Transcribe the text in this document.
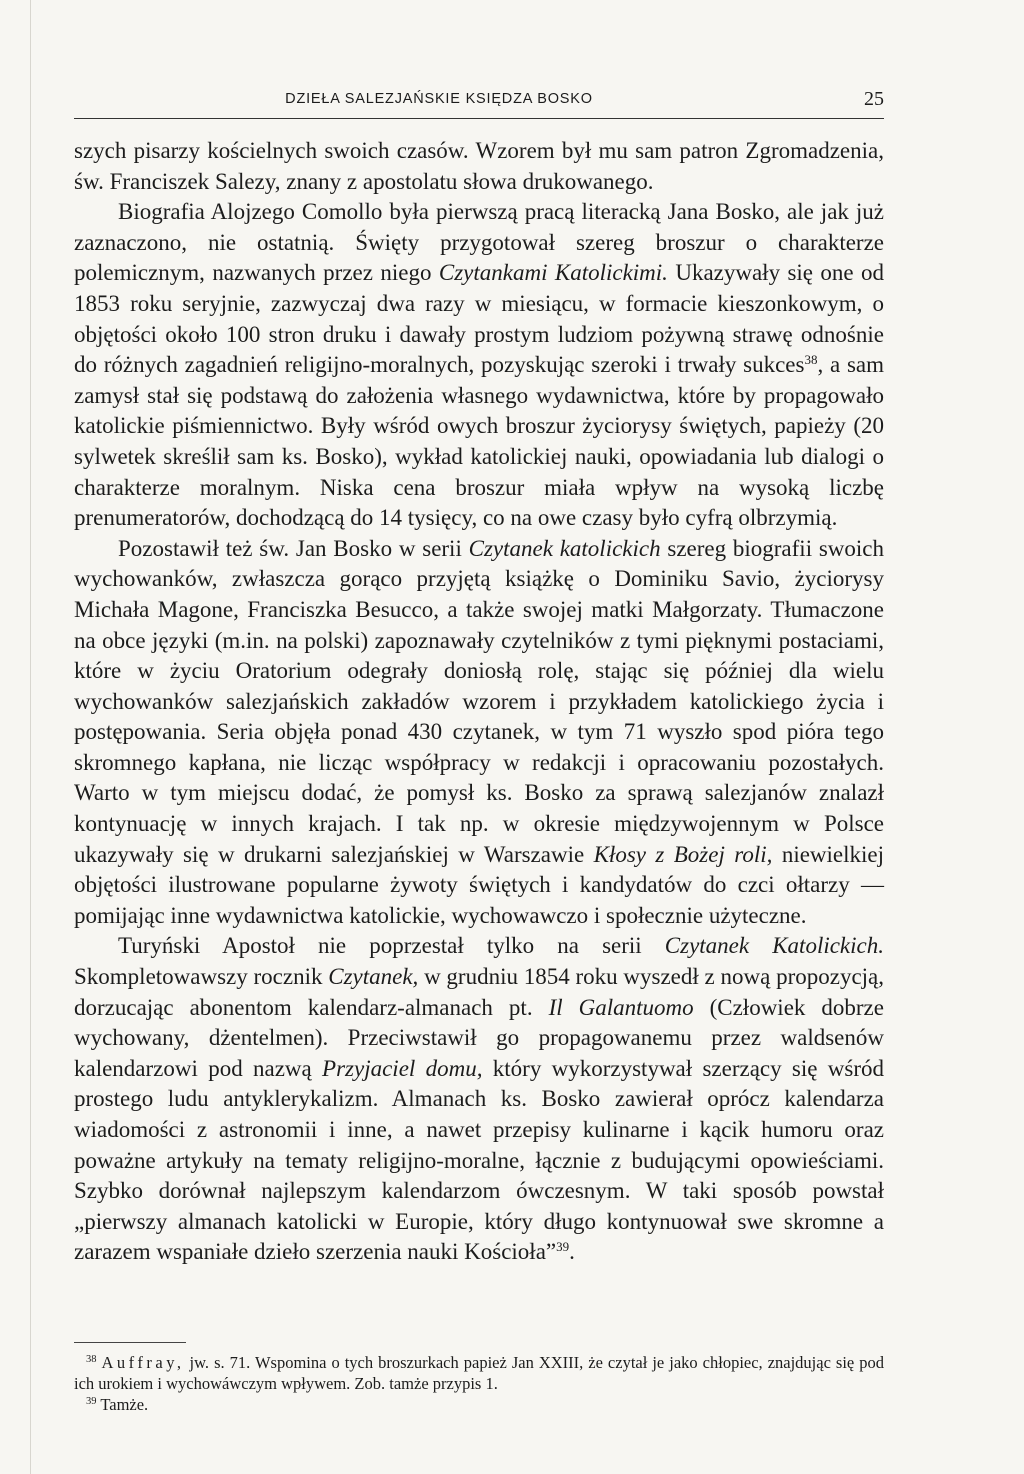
DZIEŁA SALEZJAŃSKIE KSIĘDZA BOSKO	25

szych pisarzy kościelnych swoich czasów. Wzorem był mu sam patron Zgromadzenia, św. Franciszek Salezy, znany z apostolatu słowa drukowanego.

Biografia Alojzego Comollo była pierwszą pracą literacką Jana Bosko, ale jak już zaznaczono, nie ostatnią. Święty przygotował szereg broszur o charakterze polemicznym, nazwanych przez niego Czytankami Katolickimi. Ukazywały się one od 1853 roku seryjnie, zazwyczaj dwa razy w miesiącu, w formacie kieszonkowym, o objętości około 100 stron druku i dawały prostym ludziom pożywną strawę odnośnie do różnych zagadnień religijno-moralnych, pozyskując szeroki i trwały sukces$^{38}$, a sam zamysł stał się podstawą do założenia własnego wydawnictwa, które by propagowało katolickie piśmiennictwo. Były wśród owych broszur życiorysy świętych, papieży (20 sylwetek skreślił sam ks. Bosko), wykład katolickiej nauki, opowiadania lub dialogi o charakterze moralnym. Niska cena broszur miała wpływ na wysoką liczbę prenumeratorów, dochodzącą do 14 tysięcy, co na owe czasy było cyfrą olbrzymią.

Pozostawił też św. Jan Bosko w serii Czytanek katolickich szereg biografii swoich wychowanków, zwłaszcza gorąco przyjętą książkę o Dominiku Savio, życiorysy Michała Magone, Franciszka Besucco, a także swojej matki Małgorzaty. Tłumaczone na obce języki (m.in. na polski) zapoznawały czytelników z tymi pięknymi postaciami, które w życiu Oratorium odegrały doniosłą rolę, stając się później dla wielu wychowanków salezjańskich zakładów wzorem i przykładem katolickiego życia i postępowania. Seria objęła ponad 430 czytanek, w tym 71 wyszło spod pióra tego skromnego kapłana, nie licząc współpracy w redakcji i opracowaniu pozostałych. Warto w tym miejscu dodać, że pomysł ks. Bosko za sprawą salezjanów znalazł kontynuację w innych krajach. I tak np. w okresie międzywojennym w Polsce ukazywały się w drukarni salezjańskiej w Warszawie Kłosy z Bożej roli, niewielkiej objętości ilustrowane popularne żywoty świętych i kandydatów do czci ołtarzy — pomijając inne wydawnictwa katolickie, wychowawczo i społecznie użyteczne.

Turyński Apostoł nie poprzestał tylko na serii Czytanek Katolickich. Skompletowawszy rocznik Czytanek, w grudniu 1854 roku wyszedł z nową propozycją, dorzucając abonentom kalendarz-almanach pt. Il Galantuomo (Człowiek dobrze wychowany, dżentelmen). Przeciwstawił go propagowanemu przez waldsenów kalendarzowi pod nazwą Przyjaciel domu, który wykorzystywał szerzący się wśród prostego ludu antyklerykalizm. Almanach ks. Bosko zawierał oprócz kalendarza wiadomości z astronomii i inne, a nawet przepisy kulinarne i kącik humoru oraz poważne artykuły na tematy religijno-moralne, łącznie z budującymi opowieściami. Szybko dorównał najlepszym kalendarzom ówczesnym. W taki sposób powstał „pierwszy almanach katolicki w Europie, który długo kontynuował swe skromne a zarazem wspaniałe dzieło szerzenia nauki Kościoła”$^{39}$.

$^{38}$ Auffray, jw. s. 71. Wspomina o tych broszurkach papież Jan XXIII, że czytał je jako chłopiec, znajdując się pod ich urokiem i wychowáwczym wpływem. Zob. tamże przypis 1.

$^{39}$ Tamże.
